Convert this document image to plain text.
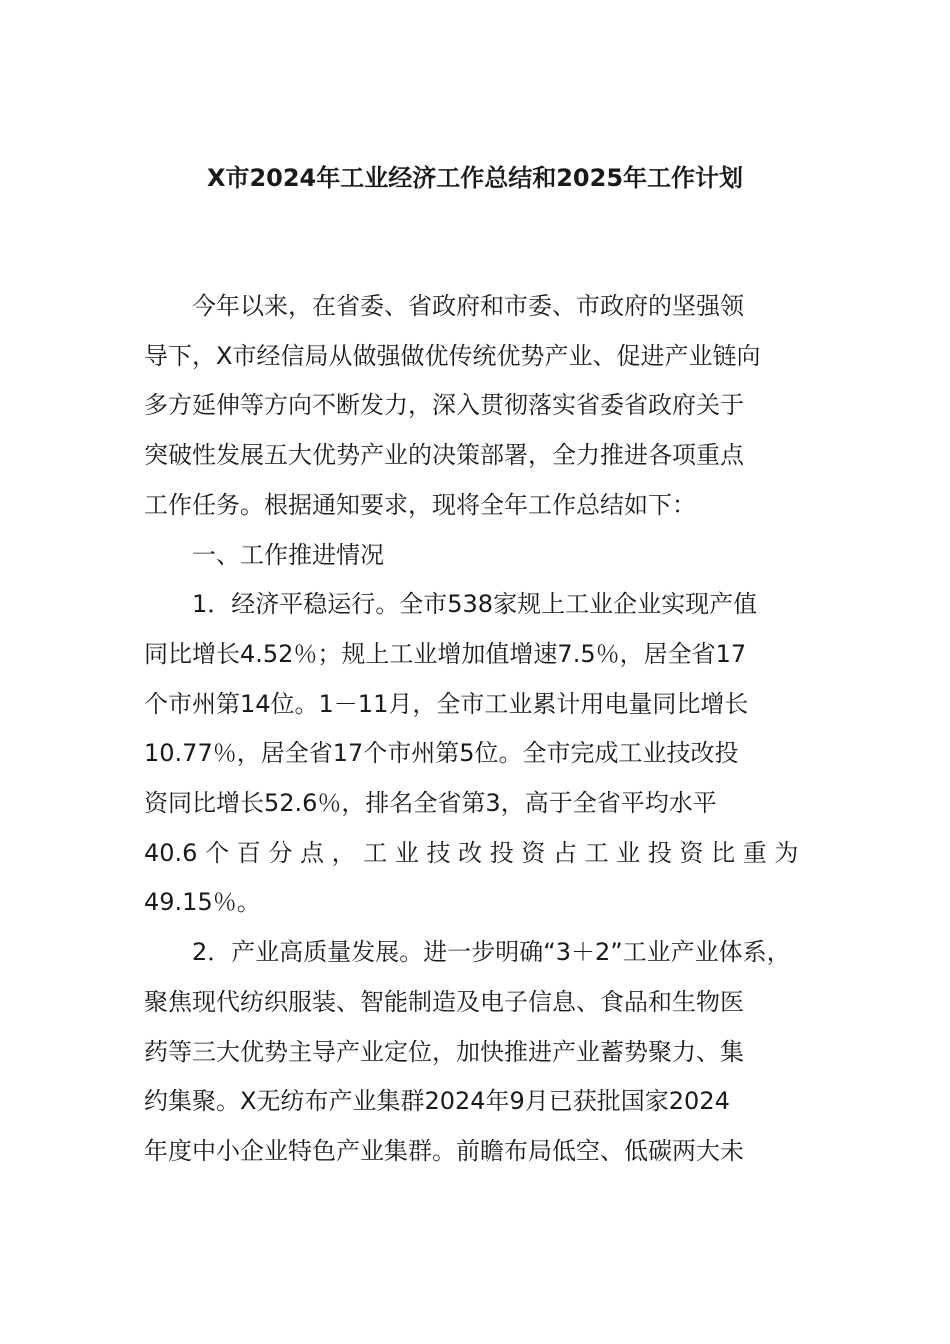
X市2024年工业经济工作总结和2025年工作计划
今年以来，在省委、省政府和市委、市政府的坚强领
导下，X市经信局从做强做优传统优势产业、促进产业链向
多方延伸等方向不断发力，深入贯彻落实省委省政府关于
突破性发展五大优势产业的决策部署，全力推进各项重点
工作任务。根据通知要求，现将全年工作总结如下：
一、工作推进情况
1．经济平稳运行。全市538家规上工业企业实现产值
同比增长4.52％；规上工业增加值增速7.5％，居全省17
个市州第14位。1－11月，全市工业累计用电量同比增长
10.77％，居全省17个市州第5位。全市完成工业技改投
资同比增长52.6％，排名全省第3，高于全省平均水平
40.6 个 百 分 点 ， 工 业 技 改 投 资 占 工 业 投 资 比 重 为
49.15％。
2．产业高质量发展。进一步明确“3＋2”工业产业体系，
聚焦现代纺织服装、智能制造及电子信息、食品和生物医
药等三大优势主导产业定位，加快推进产业蓄势聚力、集
约集聚。X无纺布产业集群2024年9月已获批国家2024
年度中小企业特色产业集群。前瞻布局低空、低碳两大未
